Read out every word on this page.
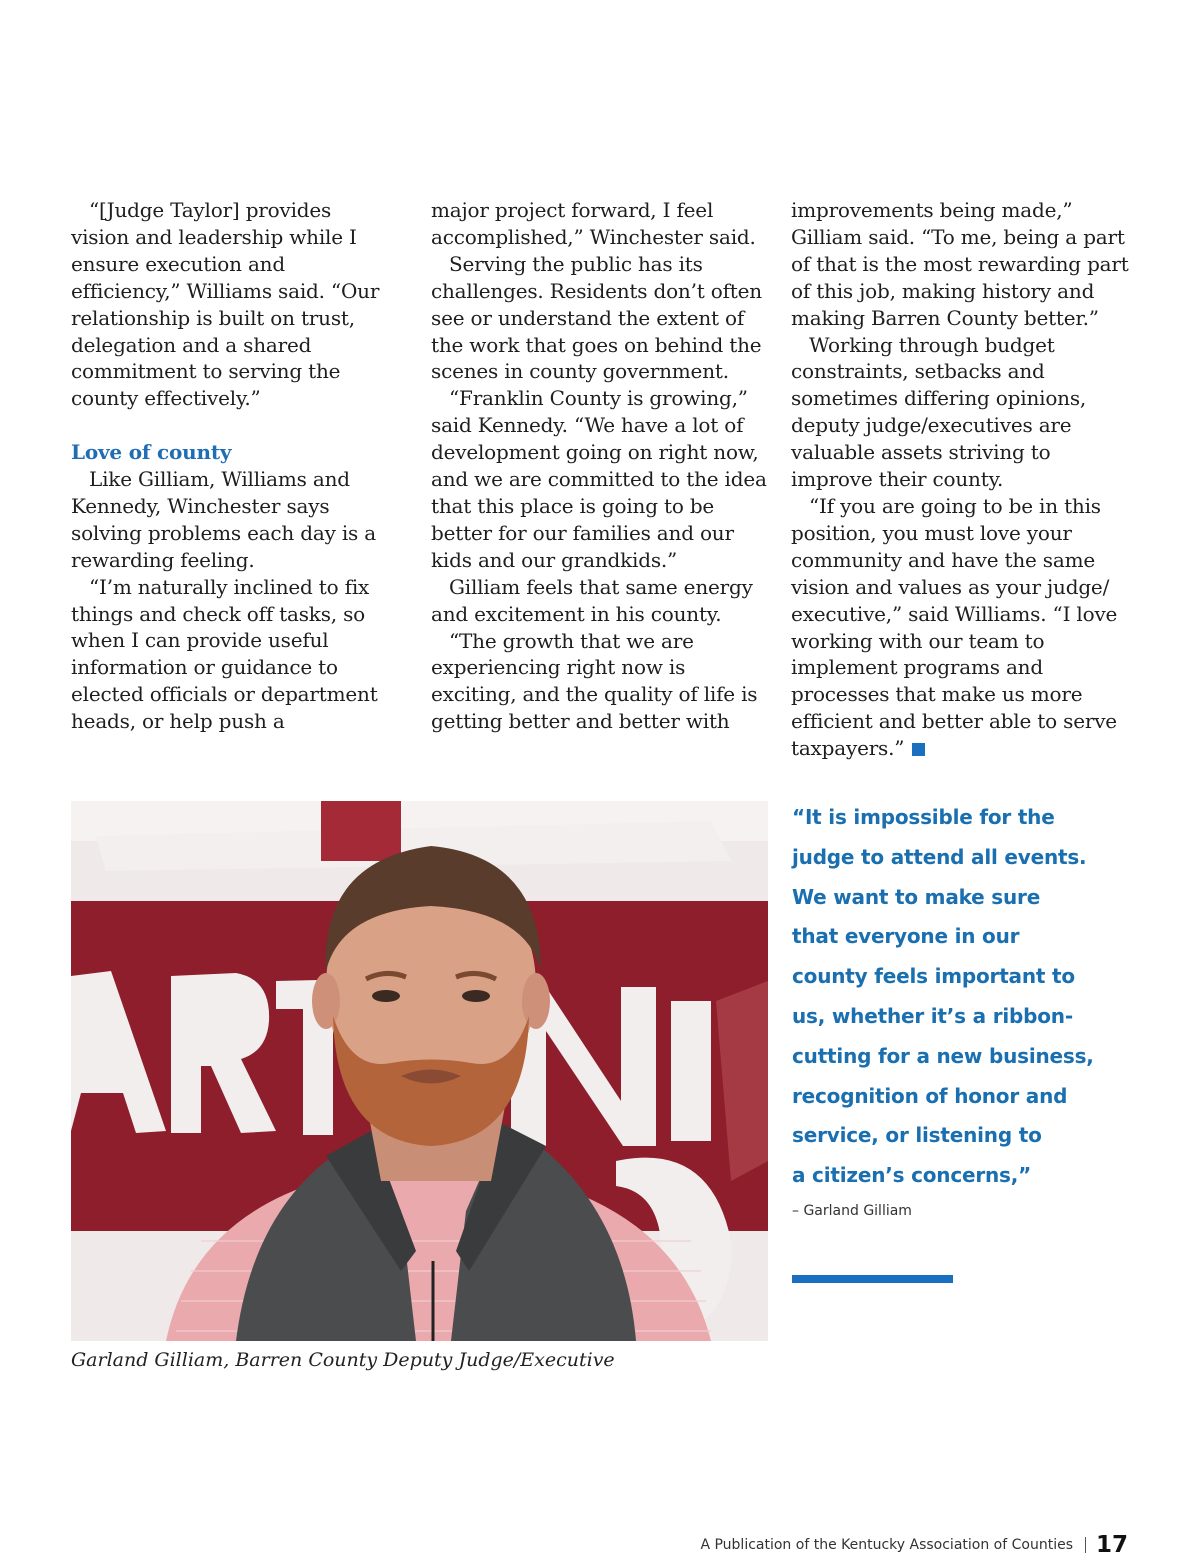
“[Judge Taylor] provides vision and leadership while I ensure execution and efficiency,” Williams said. “Our relationship is built on trust, delegation and a shared commitment to serving the county effectively.”

Love of county

Like Gilliam, Williams and Kennedy, Winchester says solving problems each day is a rewarding feeling.

“I’m naturally inclined to fix things and check off tasks, so when I can provide useful information or guidance to elected officials or department heads, or help push a

major project forward, I feel accomplished,” Winchester said.

Serving the public has its challenges. Residents don’t often see or understand the extent of the work that goes on behind the scenes in county government.

“Franklin County is growing,” said Kennedy. “We have a lot of development going on right now, and we are committed to the idea that this place is going to be better for our families and our kids and our grandkids.”

Gilliam feels that same energy and excitement in his county.

“The growth that we are experiencing right now is exciting, and the quality of life is getting better and better with

improvements being made,” Gilliam said. “To me, being a part of that is the most rewarding part of this job, making history and making Barren County better.”

Working through budget constraints, setbacks and sometimes differing opinions, deputy judge/executives are valuable assets striving to improve their county.

“If you are going to be in this position, you must love your community and have the same vision and values as your judge/ executive,” said Williams. “I love working with our team to implement programs and processes that make us more efficient and better able to serve taxpayers.”

Garland Gilliam, Barren County Deputy Judge/Executive
“It is impossible for the
judge to attend all events.
We want to make sure
that everyone in our
county feels important to
us, whether it’s a ribbon-
cutting for a new business,
recognition of honor and
service, or listening to
a citizen’s concerns,”
– Garland Gilliam
A Publication of the Kentucky Association of Counties 17
